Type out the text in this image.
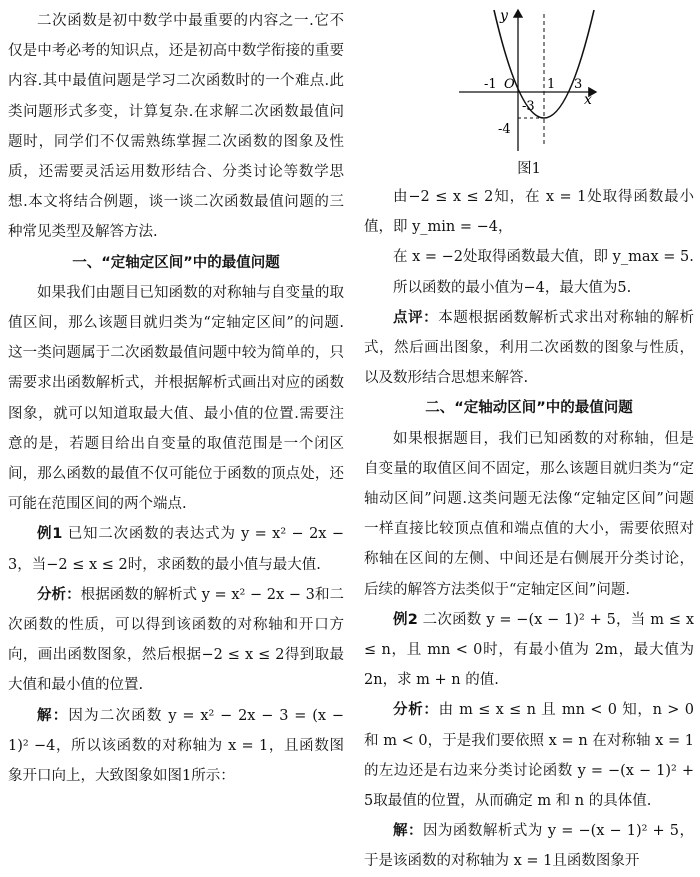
二次函数是初中数学中最重要的内容之一.它不仅是中考必考的知识点，还是初高中数学衔接的重要内容.其中最值问题是学习二次函数时的一个难点.此类问题形式多变，计算复杂.在求解二次函数最值问题时，同学们不仅需熟练掌握二次函数的图象及性质，还需要灵活运用数形结合、分类讨论等数学思想.本文将结合例题，谈一谈二次函数最值问题的三种常见类型及解答方法.

一、“定轴定区间”中的最值问题

如果我们由题目已知函数的对称轴与自变量的取值区间，那么该题目就归类为“定轴定区间”的问题.这一类问题属于二次函数最值问题中较为简单的，只需要求出函数解析式，并根据解析式画出对应的函数图象，就可以知道取最大值、最小值的位置.需要注意的是，若题目给出自变量的取值范围是一个闭区间，那么函数的最值不仅可能位于函数的顶点处，还可能在范围区间的两个端点.

例1 已知二次函数的表达式为 y = x² − 2x − 3，当−2 ≤ x ≤ 2时，求函数的最小值与最大值.

分析：根据函数的解析式 y = x² − 2x − 3和二次函数的性质，可以得到该函数的对称轴和开口方向，画出函数图象，然后根据−2 ≤ x ≤ 2得到取最大值和最小值的位置.

解：因为二次函数 y = x² − 2x − 3 = (x − 1)² −4，所以该函数的对称轴为 x = 1，且函数图象开口向上，大致图象如图1所示：

x
y
O
-1	1 3
-3
-4

图1

由−2 ≤ x ≤ 2知，在 x = 1处取得函数最小值，即 y_min = −4，

在 x = −2处取得函数最大值，即 y_max = 5.

所以函数的最小值为−4，最大值为5.

点评：本题根据函数解析式求出对称轴的解析式，然后画出图象，利用二次函数的图象与性质，以及数形结合思想来解答.

二、“定轴动区间”中的最值问题

如果根据题目，我们已知函数的对称轴，但是自变量的取值区间不固定，那么该题目就归类为“定轴动区间”问题.这类问题无法像“定轴定区间”问题一样直接比较顶点值和端点值的大小，需要依照对称轴在区间的左侧、中间还是右侧展开分类讨论，后续的解答方法类似于“定轴定区间”问题.

例2 二次函数 y = −(x − 1)² + 5，当 m ≤ x ≤ n，且 mn < 0时，有最小值为 2m，最大值为 2n，求 m + n 的值.

分析：由 m ≤ x ≤ n 且 mn < 0 知，n > 0和 m < 0，于是我们要依照 x = n 在对称轴 x = 1的左边还是右边来分类讨论函数 y = −(x − 1)² + 5取最值的位置，从而确定 m 和 n 的具体值.

解：因为函数解析式为 y = −(x − 1)² + 5，于是该函数的对称轴为 x = 1且函数图象开
